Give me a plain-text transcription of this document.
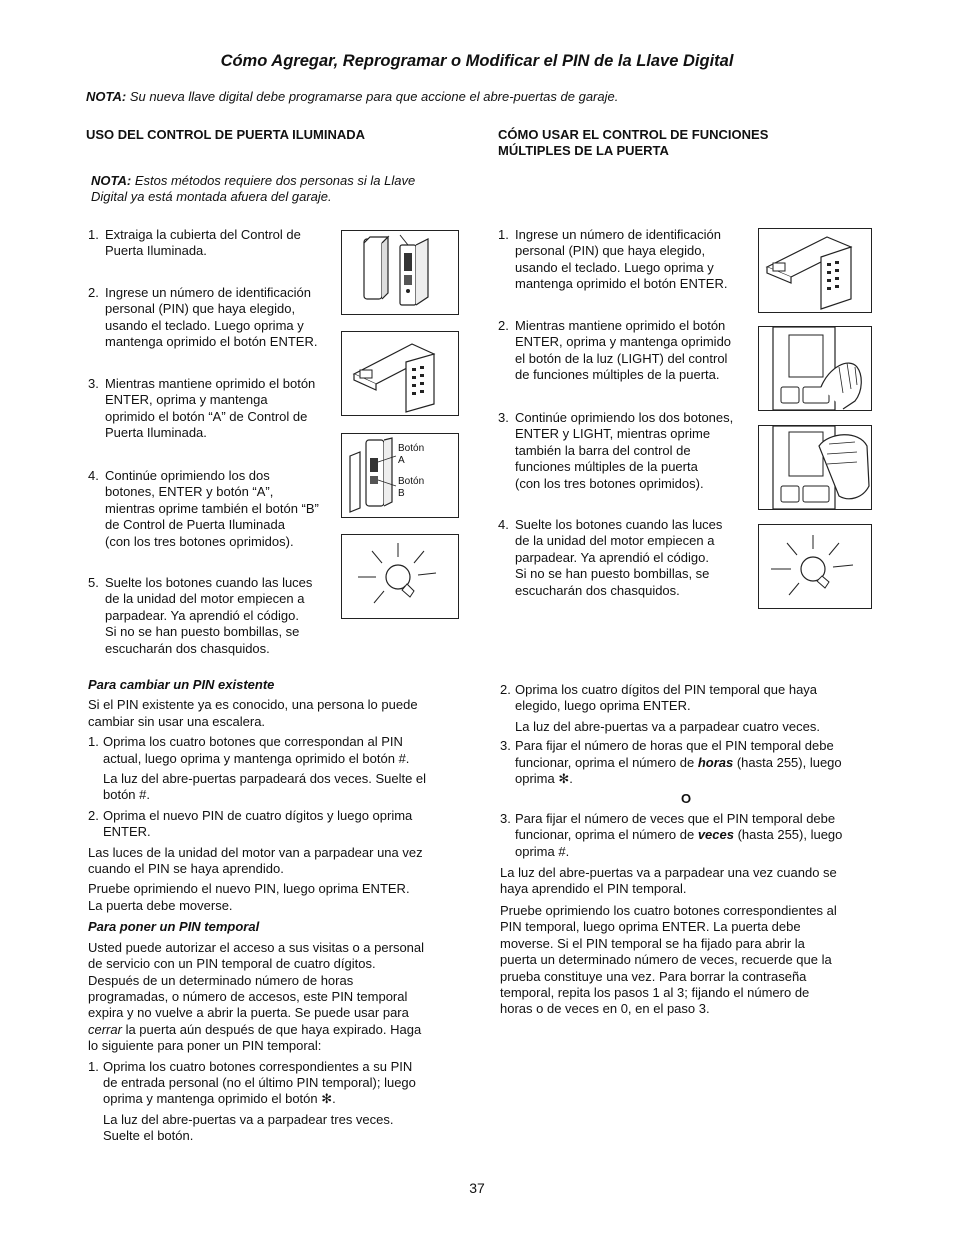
Cómo Agregar, Reprogramar o Modificar el PIN de la Llave Digital
NOTA: Su nueva llave digital debe programarse para que accione el abre-puertas de garaje.
USO DEL CONTROL DE PUERTA ILUMINADA
NOTA: Estos métodos requiere dos personas si la Llave
Digital ya está montada afuera del garaje.
1. Extraiga la cubierta del Control de
Puerta Iluminada.
2. Ingrese un número de identificación
personal (PIN) que haya elegido,
usando el teclado. Luego oprima y
mantenga oprimido el botón ENTER.
3. Mientras mantiene oprimido el botón
ENTER, oprima y mantenga
oprimido el botón “A” de Control de
Puerta Iluminada.
4. Continúe oprimiendo los dos
botones, ENTER y botón “A”,
mientras oprime también el botón “B”
de Control de Puerta Iluminada
(con los tres botones oprimidos).
5. Suelte los botones cuando las luces
de la unidad del motor empiecen a
parpadear. Ya aprendió el código.
Si no se han puesto bombillas, se
escucharán dos chasquidos.
Botón
A
Botón
B
CÓMO USAR EL CONTROL DE FUNCIONES
MÚLTIPLES DE LA PUERTA
1. Ingrese un número de identificación
personal (PIN) que haya elegido,
usando el teclado. Luego oprima y
mantenga oprimido el botón ENTER.
2. Mientras mantiene oprimido el botón
ENTER, oprima y mantenga oprimido
el botón de la luz (LIGHT) del control
de funciones múltiples de la puerta.
3. Continúe oprimiendo los dos botones,
ENTER y LIGHT, mientras oprime
también la barra del control de
funciones múltiples de la puerta
(con los tres botones oprimidos).
4. Suelte los botones cuando las luces
de la unidad del motor empiecen a
parpadear. Ya aprendió el código.
Si no se han puesto bombillas, se
escucharán dos chasquidos.
Para cambiar un PIN existente
Si el PIN existente ya es conocido, una persona lo puede
cambiar sin usar una escalera.
1. Oprima los cuatro botones que correspondan al PIN
actual, luego oprima y mantenga oprimido el botón #.
La luz del abre-puertas parpadeará dos veces. Suelte el
botón #.
2. Oprima el nuevo PIN de cuatro dígitos y luego oprima
ENTER.
Las luces de la unidad del motor van a parpadear una vez
cuando el PIN se haya aprendido.
Pruebe oprimiendo el nuevo PIN, luego oprima ENTER.
La puerta debe moverse.
Para poner un PIN temporal
Usted puede autorizar el acceso a sus visitas o a personal
de servicio con un PIN temporal de cuatro dígitos.
Después de un determinado número de horas
programadas, o número de accesos, este PIN temporal
expira y no vuelve a abrir la puerta. Se puede usar para
cerrar la puerta aún después de que haya expirado. Haga
lo siguiente para poner un PIN temporal:
1. Oprima los cuatro botones correspondientes a su PIN
de entrada personal (no el último PIN temporal); luego
oprima y mantenga oprimido el botón ✻.
La luz del abre-puertas va a parpadear tres veces.
Suelte el botón.
2. Oprima los cuatro dígitos del PIN temporal que haya
elegido, luego oprima ENTER.
La luz del abre-puertas va a parpadear cuatro veces.
3. Para fijar el número de horas que el PIN temporal debe
funcionar, oprima el número de horas (hasta 255), luego
oprima ✻.
O
3. Para fijar el número de veces que el PIN temporal debe
funcionar, oprima el número de veces (hasta 255), luego
oprima #.
La luz del abre-puertas va a parpadear una vez cuando se
haya aprendido el PIN temporal.
Pruebe oprimiendo los cuatro botones correspondientes al
PIN temporal, luego oprima ENTER. La puerta debe
moverse. Si el PIN temporal se ha fijado para abrir la
puerta un determinado número de veces, recuerde que la
prueba constituye una vez. Para borrar la contraseña
temporal, repita los pasos 1 al 3; fijando el número de
horas o de veces en 0, en el paso 3.
37
